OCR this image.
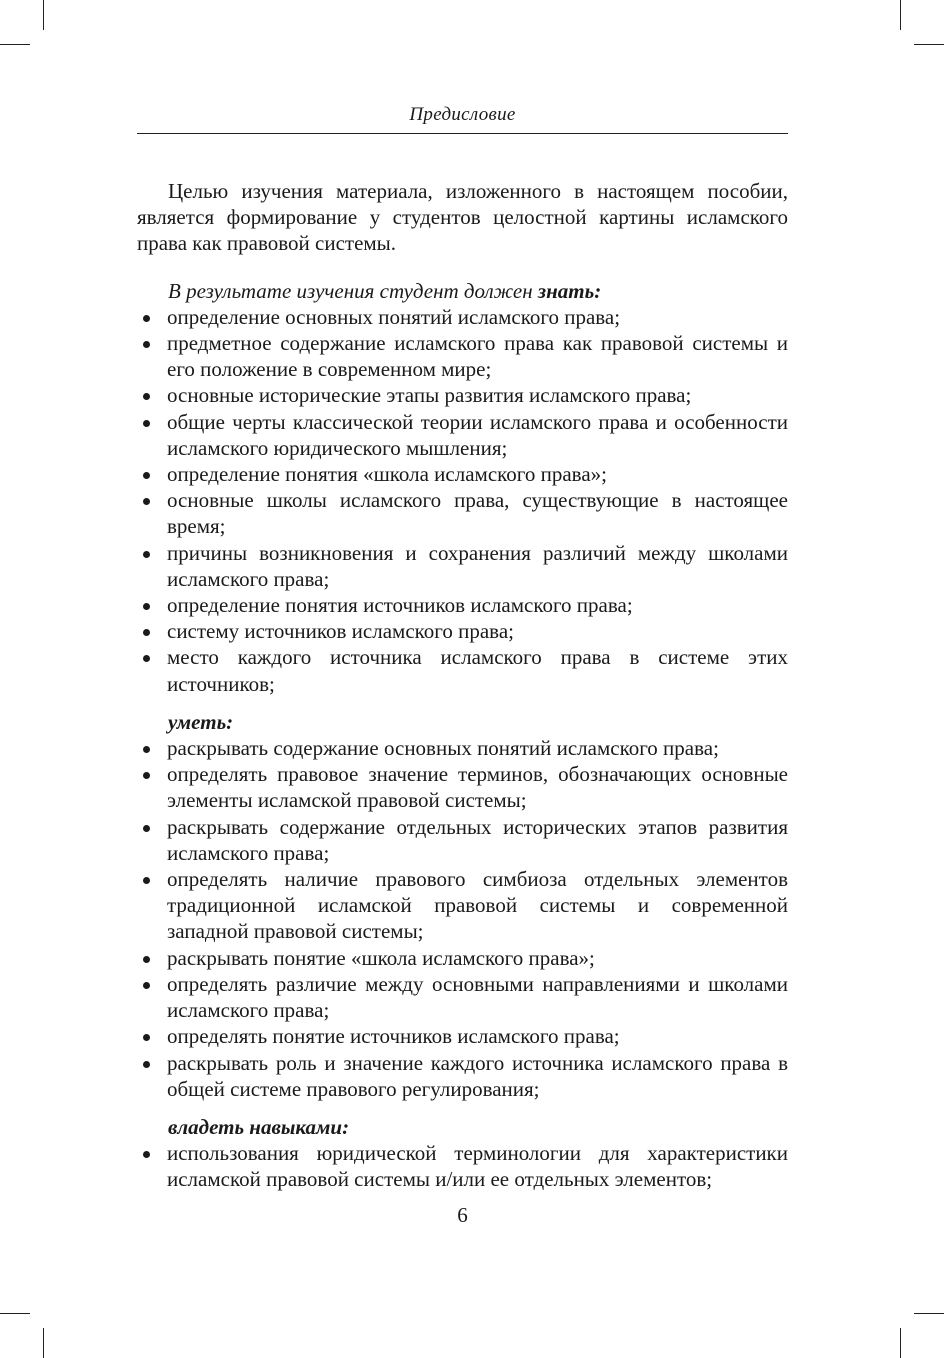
Предисловие

Целью изучения материала, изложенного в настоящем пособии, является формирование у студентов целостной картины исламского права как правовой системы.

В результате изучения студент должен знать:

определение основных понятий исламского права;
предметное содержание исламского права как правовой системы и его положение в современном мире;
основные исторические этапы развития исламского права;
общие черты классической теории исламского права и особенности исламского юридического мышления;
определение понятия «школа исламского права»;
основные школы исламского права, существующие в настоящее время;
причины возникновения и сохранения различий между школами исламского права;
определение понятия источников исламского права;
систему источников исламского права;
место каждого источника исламского права в системе этих источников;

уметь:

раскрывать содержание основных понятий исламского права;
определять правовое значение терминов, обозначающих основные элементы исламской правовой системы;
раскрывать содержание отдельных исторических этапов развития исламского права;
определять наличие правового симбиоза отдельных элементов традиционной исламской правовой системы и современной западной правовой системы;
раскрывать понятие «школа исламского права»;
определять различие между основными направлениями и школами исламского права;
определять понятие источников исламского права;
раскрывать роль и значение каждого источника исламского права в общей системе правового регулирования;

владеть навыками:

использования юридической терминологии для характеристики исламской правовой системы и/или ее отдельных элементов;
6
